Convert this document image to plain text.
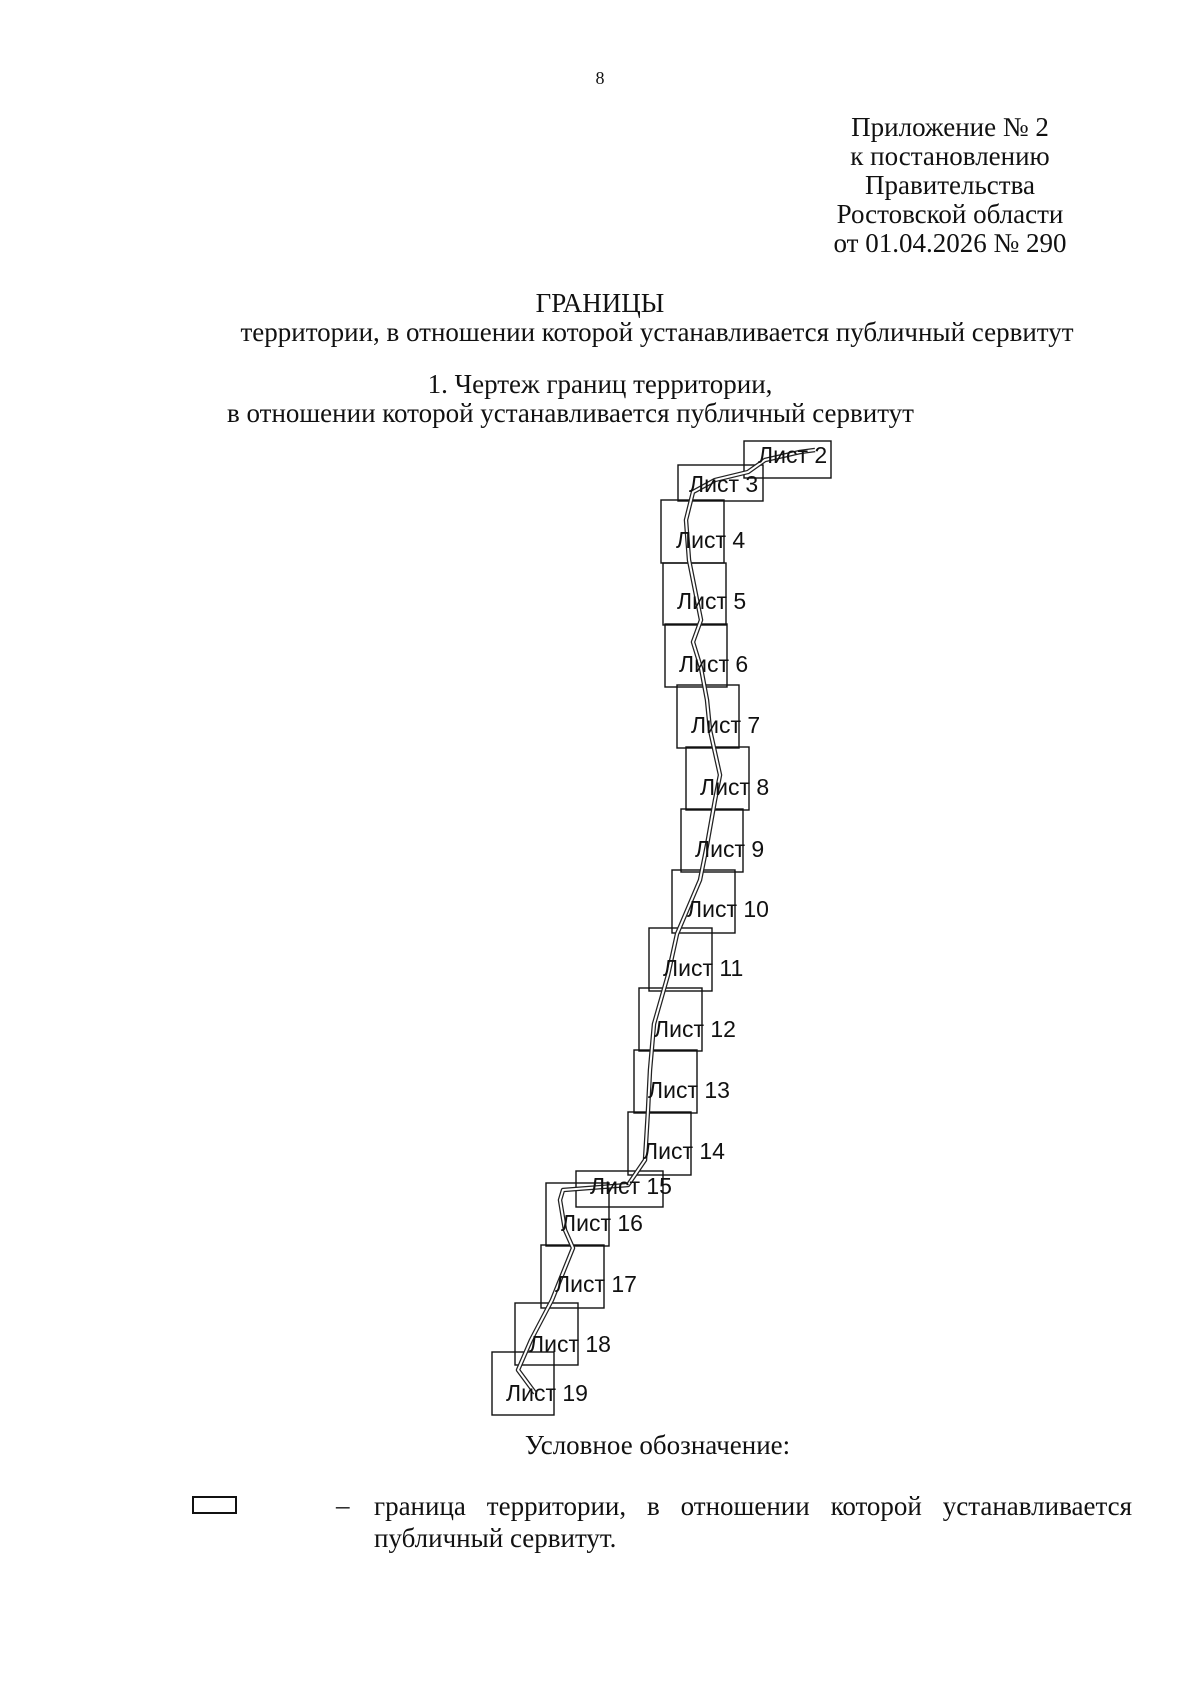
8
Приложение № 2
к постановлению
Правительства
Ростовской области
от 01.04.2026 № 290
ГРАНИЦЫ
территории, в отношении которой устанавливается публичный сервитут
1. Чертеж границ территории,
в отношении которой устанавливается публичный сервитут
Лист 2
Лист 3
Лист 4
Лист 5
Лист 6
Лист 7
Лист 8
Лист 9
Лист 10
Лист 11
Лист 12
Лист 13
Лист 14
Лист 15
Лист 16
Лист 17
Лист 18
Лист 19
Условное обозначение:
– граница территории, в отношении которой устанавливается публичный сервитут.
